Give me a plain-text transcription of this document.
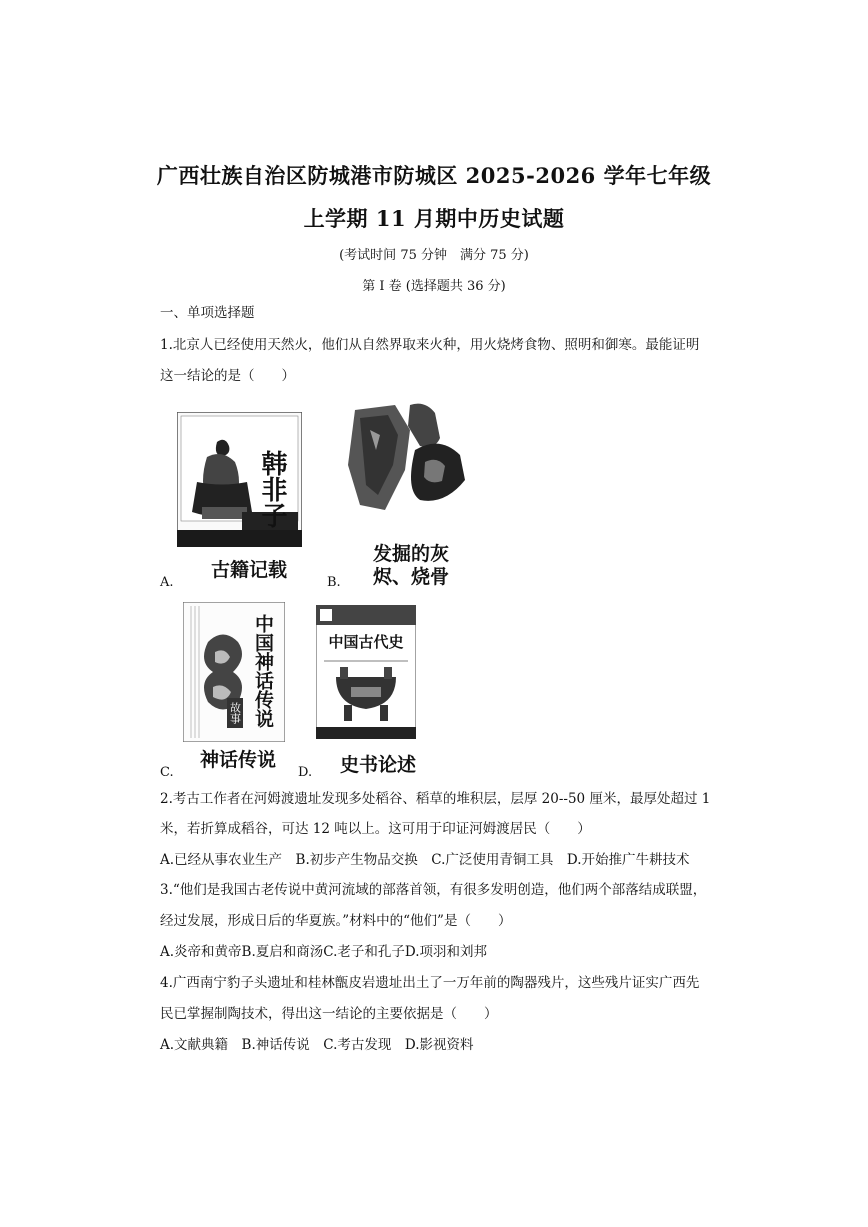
广西壮族自治区防城港市防城区 2025-2026 学年七年级
上学期 11 月期中历史试题
(考试时间 75 分钟　满分 75 分)
第 I 卷 (选择题共 36 分)
一、单项选择题
1.北京人已经使用天然火，他们从自然界取来火种，用火烧烤食物、照明和御寒。最能证明
这一结论的是（　　）
韩非子
古籍记载
A.
发掘的灰
烬、烧骨
B.
中国神话传说
故事
神话传说
C.
中国古代史
史书论述
D.
2.考古工作者在河姆渡遗址发现多处稻谷、稻草的堆积层，层厚 20--50 厘米，最厚处超过 1
米，若折算成稻谷，可达 12 吨以上。这可用于印证河姆渡居民（　　）
A.已经从事农业生产　B.初步产生物品交换　C.广泛使用青铜工具　D.开始推广牛耕技术
3.“他们是我国古老传说中黄河流域的部落首领，有很多发明创造，他们两个部落结成联盟，
经过发展，形成日后的华夏族。”材料中的“他们”是（　　）
A.炎帝和黄帝B.夏启和商汤C.老子和孔子D.项羽和刘邦
4.广西南宁豹子头遗址和桂林甑皮岩遗址出土了一万年前的陶器残片，这些残片证实广西先
民已掌握制陶技术，得出这一结论的主要依据是（　　）
A.文献典籍　B.神话传说　C.考古发现　D.影视资料
